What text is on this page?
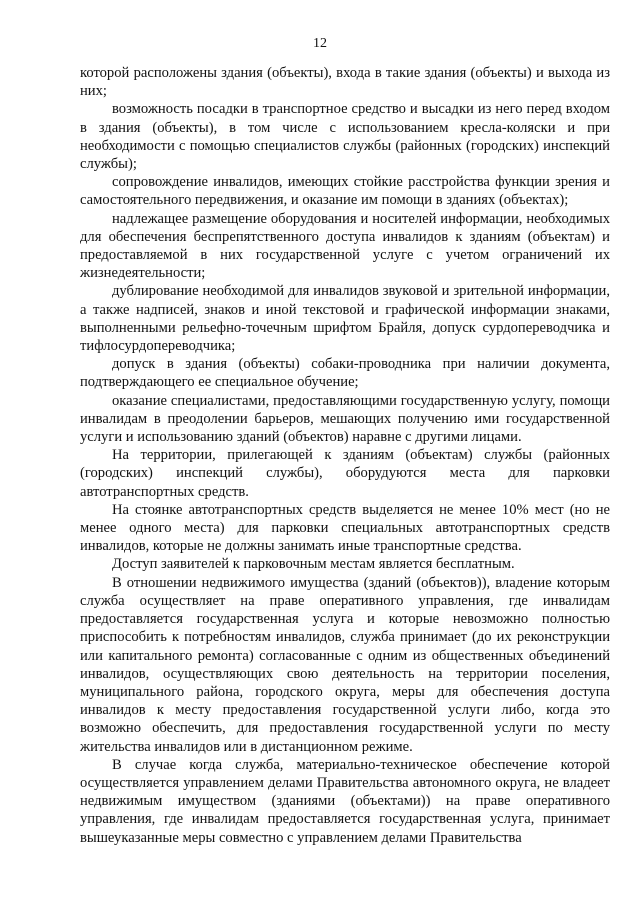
12

которой расположены здания (объекты), входа в такие здания (объекты) и выхода из них;

возможность посадки в транспортное средство и высадки из него перед входом в здания (объекты), в том числе с использованием кресла-коляски и при необходимости с помощью специалистов службы (районных (городских) инспекций службы);

сопровождение инвалидов, имеющих стойкие расстройства функции зрения и самостоятельного передвижения, и оказание им помощи в зданиях (объектах);

надлежащее размещение оборудования и носителей информации, необходимых для обеспечения беспрепятственного доступа инвалидов к зданиям (объектам) и предоставляемой в них государственной услуге с учетом ограничений их жизнедеятельности;

дублирование необходимой для инвалидов звуковой и зрительной информации, а также надписей, знаков и иной текстовой и графической информации знаками, выполненными рельефно-точечным шрифтом Брайля, допуск сурдопереводчика и тифлосурдопереводчика;

допуск в здания (объекты) собаки-проводника при наличии документа, подтверждающего ее специальное обучение;

оказание специалистами, предоставляющими государственную услугу, помощи инвалидам в преодолении барьеров, мешающих получению ими государственной услуги и использованию зданий (объектов) наравне с другими лицами.

На территории, прилегающей к зданиям (объектам) службы (районных (городских) инспекций службы), оборудуются места для парковки автотранспортных средств.

На стоянке автотранспортных средств выделяется не менее 10% мест (но не менее одного места) для парковки специальных автотранспортных средств инвалидов, которые не должны занимать иные транспортные средства.

Доступ заявителей к парковочным местам является бесплатным.

В отношении недвижимого имущества (зданий (объектов)), владение которым служба осуществляет на праве оперативного управления, где инвалидам предоставляется государственная услуга и которые невозможно полностью приспособить к потребностям инвалидов, служба принимает (до их реконструкции или капитального ремонта) согласованные с одним из общественных объединений инвалидов, осуществляющих свою деятельность на территории поселения, муниципального района, городского округа, меры для обеспечения доступа инвалидов к месту предоставления государственной услуги либо, когда это возможно обеспечить, для предоставления государственной услуги по месту жительства инвалидов или в дистанционном режиме.

В случае когда служба, материально-техническое обеспечение которой осуществляется управлением делами Правительства автономного округа, не владеет недвижимым имуществом (зданиями (объектами)) на праве оперативного управления, где инвалидам предоставляется государственная услуга, принимает вышеуказанные меры совместно с управлением делами Правительства
